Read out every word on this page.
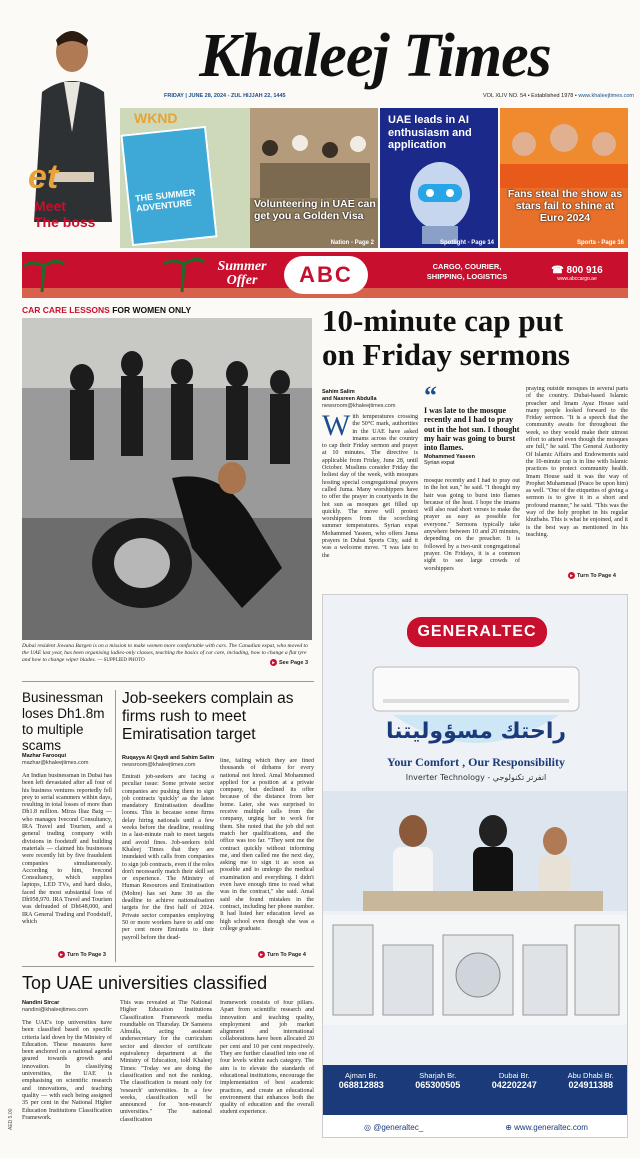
Khaleej Times
FRIDAY | JUNE 28, 2024 - ZUL HIJJAH 22, 1445	VOL XLIV NO. 54 • Established 1978 • www.khaleejtimes.com
et
Meet
The boss
WKND
THE SUMMER ADVENTURE	Volunteering in UAE can get you a Golden Visa
Nation - Page 2
UAE leads in AI enthusiasm and application
Spotlight - Page 14
Fans steal the show as stars fail to shine at Euro 2024
Sports - Page 16
Summer Offer	ABC	CARGO, COURIER, SHIPPING, LOGISTICS
☎ 800 916
www.abccargo.ae
CAR CARE LESSONS FOR WOMEN ONLY
Dubai resident Jowana Bargen is on a mission to make women more comfortable with cars. The Canadian expat, who moved to the UAE last year, has been organising ladies-only classes, teaching the basics of car care, including, how to change a flat tyre and how to change wiper blades. — SUPPLIED PHOTO	▸ See Page 3
10-minute cap put
on Friday sermons
Sahim Salim
and Nasreen Abdulla
newsroom@khaleejtimes.com
With temperatures crossing the 50°C mark, authorities in the UAE have asked imams across the country to cap their Friday sermon and prayer at 10 minutes. The directive is applicable from Friday, June 28, until October. Muslims consider Friday the holiest day of the week, with mosques hosting special congregational prayers called Juma. Many worshippers have to offer the prayer in courtyards in the hot sun as mosques get filled up quickly. The move will protect worshippers from the scorching summer temperatures. Syrian expat Mohammed Yaseen, who offers Juma prayers in Dubai Sports City, said it was a welcome move. "I was late to the
“
I was late to the mosque recently and I had to pray out in the hot sun. I thought my hair was going to burst into flames.
Mohammed Yaseen
Syrian expat
mosque recently and I had to pray out in the hot sun," he said. "I thought my hair was going to burst into flames because of the heat. I hope the imams will also read short verses to make the prayer as easy as possible for everyone." Sermons typically take anywhere between 10 and 20 minutes, depending on the preacher. It is followed by a two-unit congregational prayer. On Fridays, it is a common sight to see large crowds of worshippers
praying outside mosques in several parts of the country. Dubai-based Islamic preacher and Imam Ayaz House said many people looked forward to the Friday sermon. "It is a speech that the community awaits for throughout the week, so they would make their utmost effort to attend even though the mosques are full," he said. The General Authority Of Islamic Affairs and Endowments said the 10-minute cap is in line with Islamic practices to protect community health. Imam House said it was the way of Prophet Muhammad (Peace be upon him) as well. "One of the etiquettes of giving a sermon is to give it in a short and profound manner," he said. "This was the way of the holy prophet in his regular khutbahs. This is what he enjoined, and it is the best way as mentioned in his teaching.
▸ Turn To Page 4
GENERALTEC
راحتك مسؤوليتنا
Your Comfort , Our Responsibility
Inverter Technology - انفرتر تكنولوجي
Ajman Br.
068812883
Sharjah Br.
065300505
Dubai Br.
042202247
Abu Dhabi Br.
024911388
◎ @generaltec_	⊕ www.generaltec.com
Businessman loses Dh1.8m to multiple scams
Mazhar Farooqui
mazhar@khaleejtimes.com
An Indian businessman in Dubai has been left devastated after all four of his business ventures reportedly fell prey to serial scammers within days, resulting in total losses of more than Dh1.8 million. Mirza Iliaz Baig — who manages Ivecond Consultancy, IRA Travel and Tourism, and a general trading company with divisions in foodstuff and building materials — claimed his businesses were recently hit by five fraudulent companies simultaneously. According to him, Ivecond Consultancy, which supplies laptops, LED TVs, and hard disks, faced the most substantial loss of Dh958,970. IRA Travel and Tourism was defrauded of Dh648,000, and IRA General Trading and Foodstuff, which
▸ Turn To Page 3
Job-seekers complain as firms rush to meet Emiratisation target
Ruqayya Al Qaydi and Sahim Salim
newsroom@khaleejtimes.com
Emirati job-seekers are facing a peculiar issue: Some private sector companies are pushing them to sign job contracts 'quickly' as the latest mandatory Emiratisation deadline looms. This is because some firms delay hiring nationals until a few weeks before the deadline, resulting in a last-minute rush to meet targets and avoid fines. Job-seekers told Khaleej Times that they are inundated with calls from companies to sign job contracts, even if the roles don't necessarily match their skill set or experience. The Ministry of Human Resources and Emiratisation (Mohre) has set June 30 as the deadline to achieve nationalisation targets for the first half of 2024. Private sector companies employing 50 or more workers have to add one per cent more Emiratis to their payroll before the dead-
line, failing which they are fined thousands of dirhams for every national not hired. Amal Mohammed applied for a position at a private company, but declined its offer because of the distance from her home. Later, she was surprised to receive multiple calls from the company, urging her to work for them. She noted that the job did not match her qualifications, and the office was too far. "They sent me the contract quickly without informing me, and then called me the next day, asking me to sign it as soon as possible and to undergo the medical examination and everything. I didn't even have enough time to read what was in the contract," she said. Amal said she found mistakes in the contract, including her phone number. It had listed her education level as high school even though she was a college graduate.
▸ Turn To Page 4
Top UAE universities classified
Nandini Sircar
nandini@khaleejtimes.com
AED 5.00
The UAE's top universities have been classified based on specific criteria laid down by the Ministry of Education. These measures have been anchored on a national agenda geared towards growth and innovation. In classifying universities, the UAE is emphasising on scientific research and innovations, and teaching quality — with each being assigned 35 per cent in the National Higher Education Institutions Classification Framework.
This was revealed at The National Higher Education Institutions Classification Framework media roundtable on Thursday. Dr Sameera Almulla, acting assistant undersecretary for the curriculum sector and director of certificate equivalency department at the Ministry of Education, told Khaleej Times: "Today we are doing the classification and not the ranking. The classification is meant only for 'research' universities. In a few weeks, classification will be announced for 'non-research' universities." The national classification
framework consists of four pillars. Apart from scientific research and innovation and teaching quality, employment and job market alignment and international collaborations have been allocated 20 per cent and 10 per cent respectively. They are further classified into one of four levels within each category. The aim is to elevate the standards of educational institutions, encourage the implementation of best academic practices, and create an educational environment that enhances both the quality of education and the overall student experience.
